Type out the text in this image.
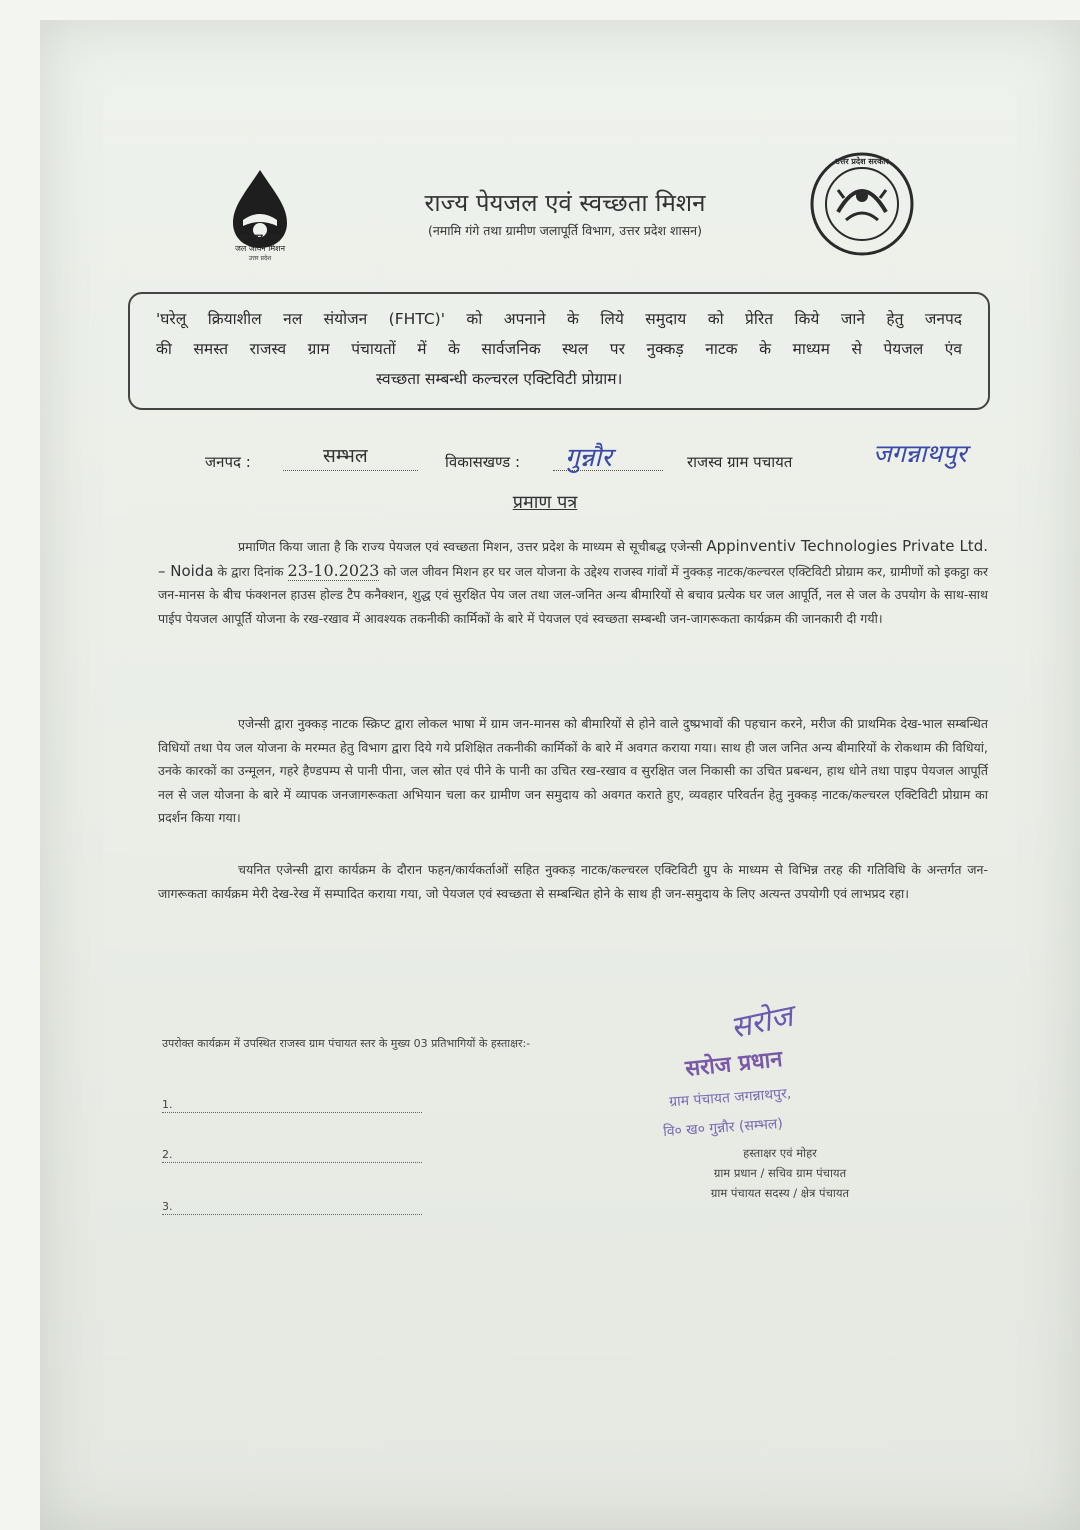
हर घर जल
जल जीवन मिशन
उत्तर प्रदेश
राज्य पेयजल एवं स्वच्छता मिशन
(नमामि गंगे तथा ग्रामीण जलापूर्ति विभाग, उत्तर प्रदेश शासन)
उत्तर प्रदेश सरकार
'घरेलू क्रियाशील नल संयोजन (FHTC)' को अपनाने के लिये समुदाय को प्रेरित किये जाने हेतु जनपद
की समस्त राजस्व ग्राम पंचायतों में के सार्वजनिक स्थल पर नुक्कड़ नाटक के माध्यम से पेयजल एंव
स्वच्छता सम्बन्धी कल्चरल एक्टिविटी प्रोग्राम।
जनपद :	सम्भल	विकासखण्ड : गुन्नौर	राजस्व ग्राम पचायत	जगन्नाथपुर
प्रमाण पत्र
प्रमाणित किया जाता है कि राज्य पेयजल एवं स्वच्छता मिशन, उत्तर प्रदेश के माध्यम से सूचीबद्ध एजेन्सी Appinventiv Technologies Private Ltd. – Noida के द्वारा दिनांक 23-10.2023 को जल जीवन मिशन हर घर जल योजना के उद्देश्य राजस्व गांवों में नुक्कड़ नाटक/कल्चरल एक्टिविटी प्रोग्राम कर, ग्रामीणों को इकट्ठा कर जन-मानस के बीच फंक्शनल हाउस होल्ड टैप कनैक्शन, शुद्ध एवं सुरक्षित पेय जल तथा जल-जनित अन्य बीमारियों से बचाव प्रत्येक घर जल आपूर्ति, नल से जल के उपयोग के साथ-साथ पाईप पेयजल आपूर्ति योजना के रख-रखाव में आवश्यक तकनीकी कार्मिकों के बारे में पेयजल एवं स्वच्छता सम्बन्धी जन-जागरूकता कार्यक्रम की जानकारी दी गयी।
एजेन्सी द्वारा नुक्कड़ नाटक स्क्रिप्ट द्वारा लोकल भाषा में ग्राम जन-मानस को बीमारियों से होने वाले दुष्प्रभावों की पहचान करने, मरीज की प्राथमिक देख-भाल सम्बन्धित विधियों तथा पेय जल योजना के मरम्मत हेतु विभाग द्वारा दिये गये प्रशिक्षित तकनीकी कार्मिकों के बारे में अवगत कराया गया। साथ ही जल जनित अन्य बीमारियों के रोकथाम की विधियां, उनके कारकों का उन्मूलन, गहरे हैण्डपम्प से पानी पीना, जल स्रोत एवं पीने के पानी का उचित रख-रखाव व सुरक्षित जल निकासी का उचित प्रबन्धन, हाथ धोने तथा पाइप पेयजल आपूर्ति नल से जल योजना के बारे में व्यापक जनजागरूकता अभियान चला कर ग्रामीण जन समुदाय को अवगत कराते हुए, व्यवहार परिवर्तन हेतु नुक्कड़ नाटक/कल्चरल एक्टिविटी प्रोग्राम का प्रदर्शन किया गया।
चयनित एजेन्सी द्वारा कार्यक्रम के दौरान फहन/कार्यकर्ताओं सहित नुक्कड़ नाटक/कल्चरल एक्टिविटी ग्रुप के माध्यम से विभिन्न तरह की गतिविधि के अन्तर्गत जन-जागरूकता कार्यक्रम मेरी देख-रेख में सम्पादित कराया गया, जो पेयजल एवं स्वच्छता से सम्बन्धित होने के साथ ही जन-समुदाय के लिए अत्यन्त उपयोगी एवं लाभप्रद रहा।
उपरोक्त कार्यक्रम में उपस्थित राजस्व ग्राम पंचायत स्तर के मुख्य 03 प्रतिभागियों के हस्ताक्षर:-
1.
2.
3.
सरोज
सरोज प्रधान
ग्राम पंचायत जगन्नाथपुर,
वि० ख० गुन्नौर (सम्भल)
हस्ताक्षर एवं मोहर
ग्राम प्रधान / सचिव ग्राम पंचायत
ग्राम पंचायत सदस्य / क्षेत्र पंचायत
